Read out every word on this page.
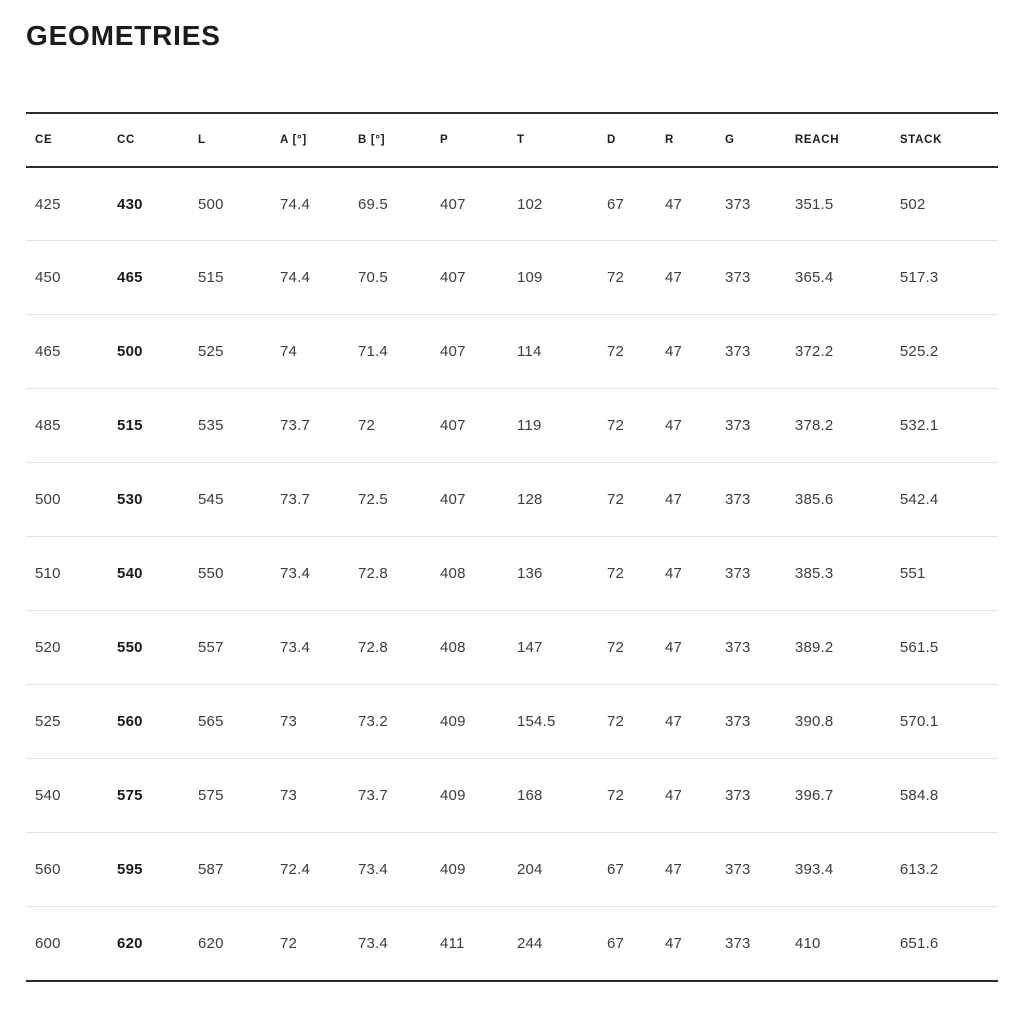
GEOMETRIES
CE	CC	L	A [°]	B [°]	P	T	D	R	G	REACH	STACK
425	430	500	74.4	69.5	407	102	67	47	373	351.5	502
450	465	515	74.4	70.5	407	109	72	47	373	365.4	517.3
465	500	525	74	71.4	407	114	72	47	373	372.2	525.2
485	515	535	73.7	72	407	119	72	47	373	378.2	532.1
500	530	545	73.7	72.5	407	128	72	47	373	385.6	542.4
510	540	550	73.4	72.8	408	136	72	47	373	385.3	551
520	550	557	73.4	72.8	408	147	72	47	373	389.2	561.5
525	560	565	73	73.2	409	154.5	72	47	373	390.8	570.1
540	575	575	73	73.7	409	168	72	47	373	396.7	584.8
560	595	587	72.4	73.4	409	204	67	47	373	393.4	613.2
600	620	620	72	73.4	411	244	67	47	373	410	651.6
